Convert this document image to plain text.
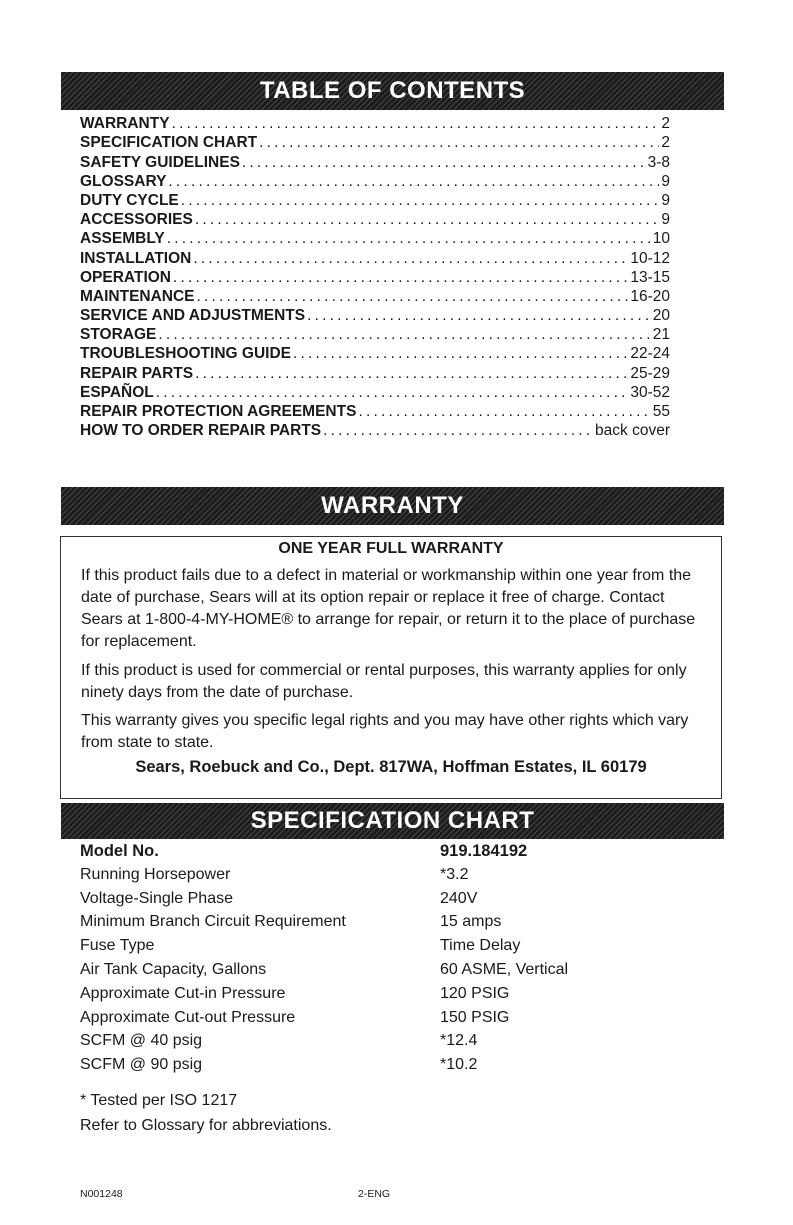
TABLE OF CONTENTS
WARRANTY .....	2
SPECIFICATION CHART .....	2
SAFETY GUIDELINES .....	3-8
GLOSSARY .....	9
DUTY CYCLE .....	9
ACCESSORIES .....	9
ASSEMBLY .....	10
INSTALLATION .....	10-12
OPERATION .....	13-15
MAINTENANCE .....	16-20
SERVICE AND ADJUSTMENTS .....	20
STORAGE .....	21
TROUBLESHOOTING GUIDE .....	22-24
REPAIR PARTS .....	25-29
ESPAÑOL .....	30-52
REPAIR PROTECTION AGREEMENTS .....	55
HOW TO ORDER REPAIR PARTS .....	back cover
WARRANTY
ONE YEAR FULL WARRANTY
If this product fails due to a defect in material or workmanship within one year from the date of purchase, Sears will at its option repair or replace it free of charge. Contact Sears at 1-800-4-MY-HOME® to arrange for repair, or return it to the place of purchase for replacement.
If this product is used for commercial or rental purposes, this warranty applies for only ninety days from the date of purchase.
This warranty gives you specific legal rights and you may have other rights which vary from state to state.
Sears, Roebuck and Co., Dept. 817WA, Hoffman Estates, IL 60179
SPECIFICATION CHART
Model No.	919.184192
Running Horsepower	*3.2
Voltage-Single Phase	240V
Minimum Branch Circuit Requirement	15 amps
Fuse Type	Time Delay
Air Tank Capacity, Gallons	60 ASME, Vertical
Approximate Cut-in Pressure	120 PSIG
Approximate Cut-out Pressure	150 PSIG
SCFM @ 40 psig	*12.4
SCFM @ 90 psig	*10.2
* Tested per ISO 1217
Refer to Glossary for abbreviations.
N001248	2-ENG
